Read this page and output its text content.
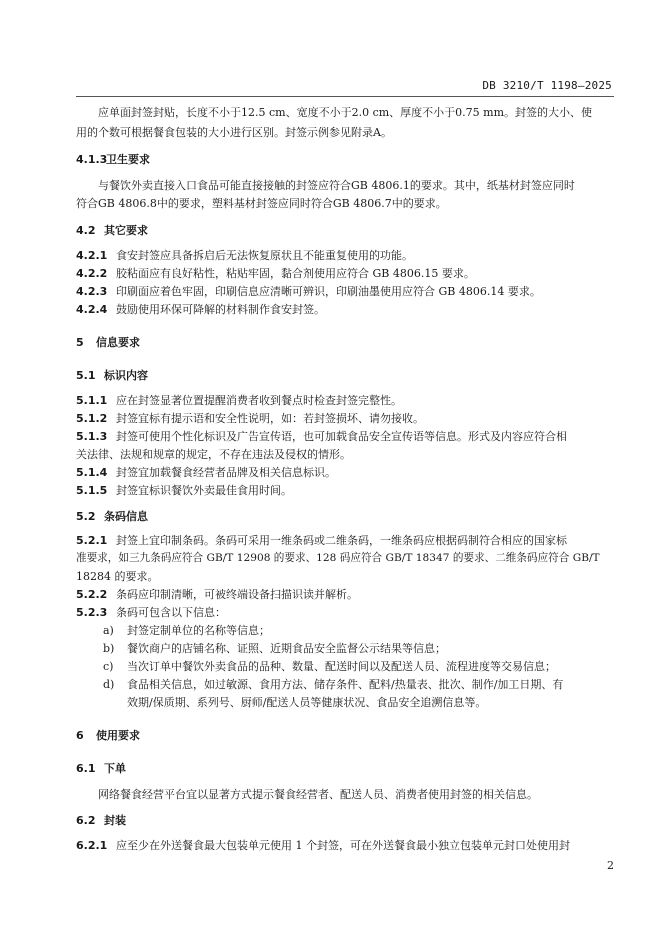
DB 3210/T 1198—2025
应单面封签封贴，长度不小于12.5 cm、宽度不小于2.0 cm、厚度不小于0.75 mm。封签的大小、使
用的个数可根据餐食包装的大小进行区别。封签示例参见附录A。
4.1.3卫生要求
与餐饮外卖直接入口食品可能直接接触的封签应符合GB 4806.1的要求。其中，纸基材封签应同时
符合GB 4806.8中的要求，塑料基材封签应同时符合GB 4806.7中的要求。
4.2 其它要求
4.2.1 食安封签应具备拆启后无法恢复原状且不能重复使用的功能。
4.2.2 胶粘面应有良好粘性，粘贴牢固，黏合剂使用应符合 GB 4806.15 要求。
4.2.3 印刷面应着色牢固，印刷信息应清晰可辨识，印刷油墨使用应符合 GB 4806.14 要求。
4.2.4 鼓励使用环保可降解的材料制作食安封签。
5 信息要求
5.1 标识内容
5.1.1 应在封签显著位置提醒消费者收到餐点时检查封签完整性。
5.1.2 封签宜标有提示语和安全性说明，如：若封签损坏、请勿接收。
5.1.3 封签可使用个性化标识及广告宣传语，也可加载食品安全宣传语等信息。形式及内容应符合相
关法律、法规和规章的规定，不存在违法及侵权的情形。
5.1.4 封签宜加载餐食经营者品牌及相关信息标识。
5.1.5 封签宜标识餐饮外卖最佳食用时间。
5.2 条码信息
5.2.1 封签上宜印制条码。条码可采用一维条码或二维条码，一维条码应根据码制符合相应的国家标
准要求，如三九条码应符合 GB/T 12908 的要求、128 码应符合 GB/T 18347 的要求、二维条码应符合 GB/T
18284 的要求。
5.2.2 条码应印制清晰，可被终端设备扫描识读并解析。
5.2.3 条码可包含以下信息：
a) 封签定制单位的名称等信息；
b) 餐饮商户的店铺名称、证照、近期食品安全监督公示结果等信息；
c) 当次订单中餐饮外卖食品的品种、数量、配送时间以及配送人员、流程进度等交易信息；
d) 食品相关信息，如过敏源、食用方法、储存条件、配料/热量表、批次、制作/加工日期、有
效期/保质期、系列号、厨师/配送人员等健康状况、食品安全追溯信息等。
6 使用要求
6.1 下单
网络餐食经营平台宜以显著方式提示餐食经营者、配送人员、消费者使用封签的相关信息。
6.2 封装
6.2.1 应至少在外送餐食最大包装单元使用 1 个封签，可在外送餐食最小独立包装单元封口处使用封
2
